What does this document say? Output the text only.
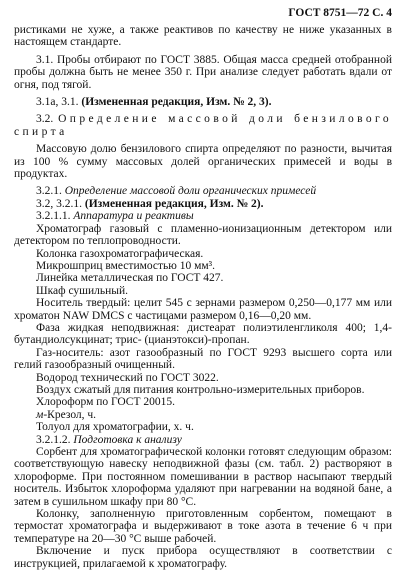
ГОСТ 8751—72 С. 4

ристиками не хуже, а также реактивов по качеству не ниже указанных в настоящем стандарте.

3.1. Пробы отбирают по ГОСТ 3885. Общая масса средней отобранной пробы должна быть не менее 350 г. При анализе следует работать вдали от огня, под тягой.

3.1а, 3.1. (Измененная редакция, Изм. № 2, 3).

3.2. Определение массовой доли бензилового спирта

Массовую долю бензилового спирта определяют по разности, вычитая из 100 % сумму массовых долей органических примесей и воды в продуктах.

3.2.1. Определение массовой доли органических примесей

3.2, 3.2.1. (Измененная редакция, Изм. № 2).

3.2.1.1. Аппаратура и реактивы

Хроматограф газовый с пламенно-ионизационным детектором или детектором по теплопроводности.

Колонка газохроматографическая.

Микрошприц вместимостью 10 мм³.

Линейка металлическая по ГОСТ 427.

Шкаф сушильный.

Носитель твердый: целит 545 с зернами размером 0,250—0,177 мм или хроматон NAW DMCS с частицами размером 0,16—0,20 мм.

Фаза жидкая неподвижная: дистеарат полиэтиленгликоля 400; 1,4-бутандиолсукцинат; трис- (цианэтокси)-пропан.

Газ-носитель: азот газообразный по ГОСТ 9293 высшего сорта или гелий газообразный очищенный.

Водород технический по ГОСТ 3022.

Воздух сжатый для питания контрольно-измерительных приборов.

Хлороформ по ГОСТ 20015.

м-Крезол, ч.

Толуол для хроматографии, х. ч.

3.2.1.2. Подготовка к анализу

Сорбент для хроматографической колонки готовят следующим образом: соответствующую навеску неподвижной фазы (см. табл. 2) растворяют в хлороформе. При постоянном помешивании в раствор насыпают твердый носитель. Избыток хлороформа удаляют при нагревании на водяной бане, а затем в сушильном шкафу при 80 °С.

Колонку, заполненную приготовленным сорбентом, помещают в термостат хроматографа и выдерживают в токе азота в течение 6 ч при температуре на 20—30 °С выше рабочей.

Включение и пуск прибора осуществляют в соответствии с инструкцией, прилагаемой к хроматографу.
